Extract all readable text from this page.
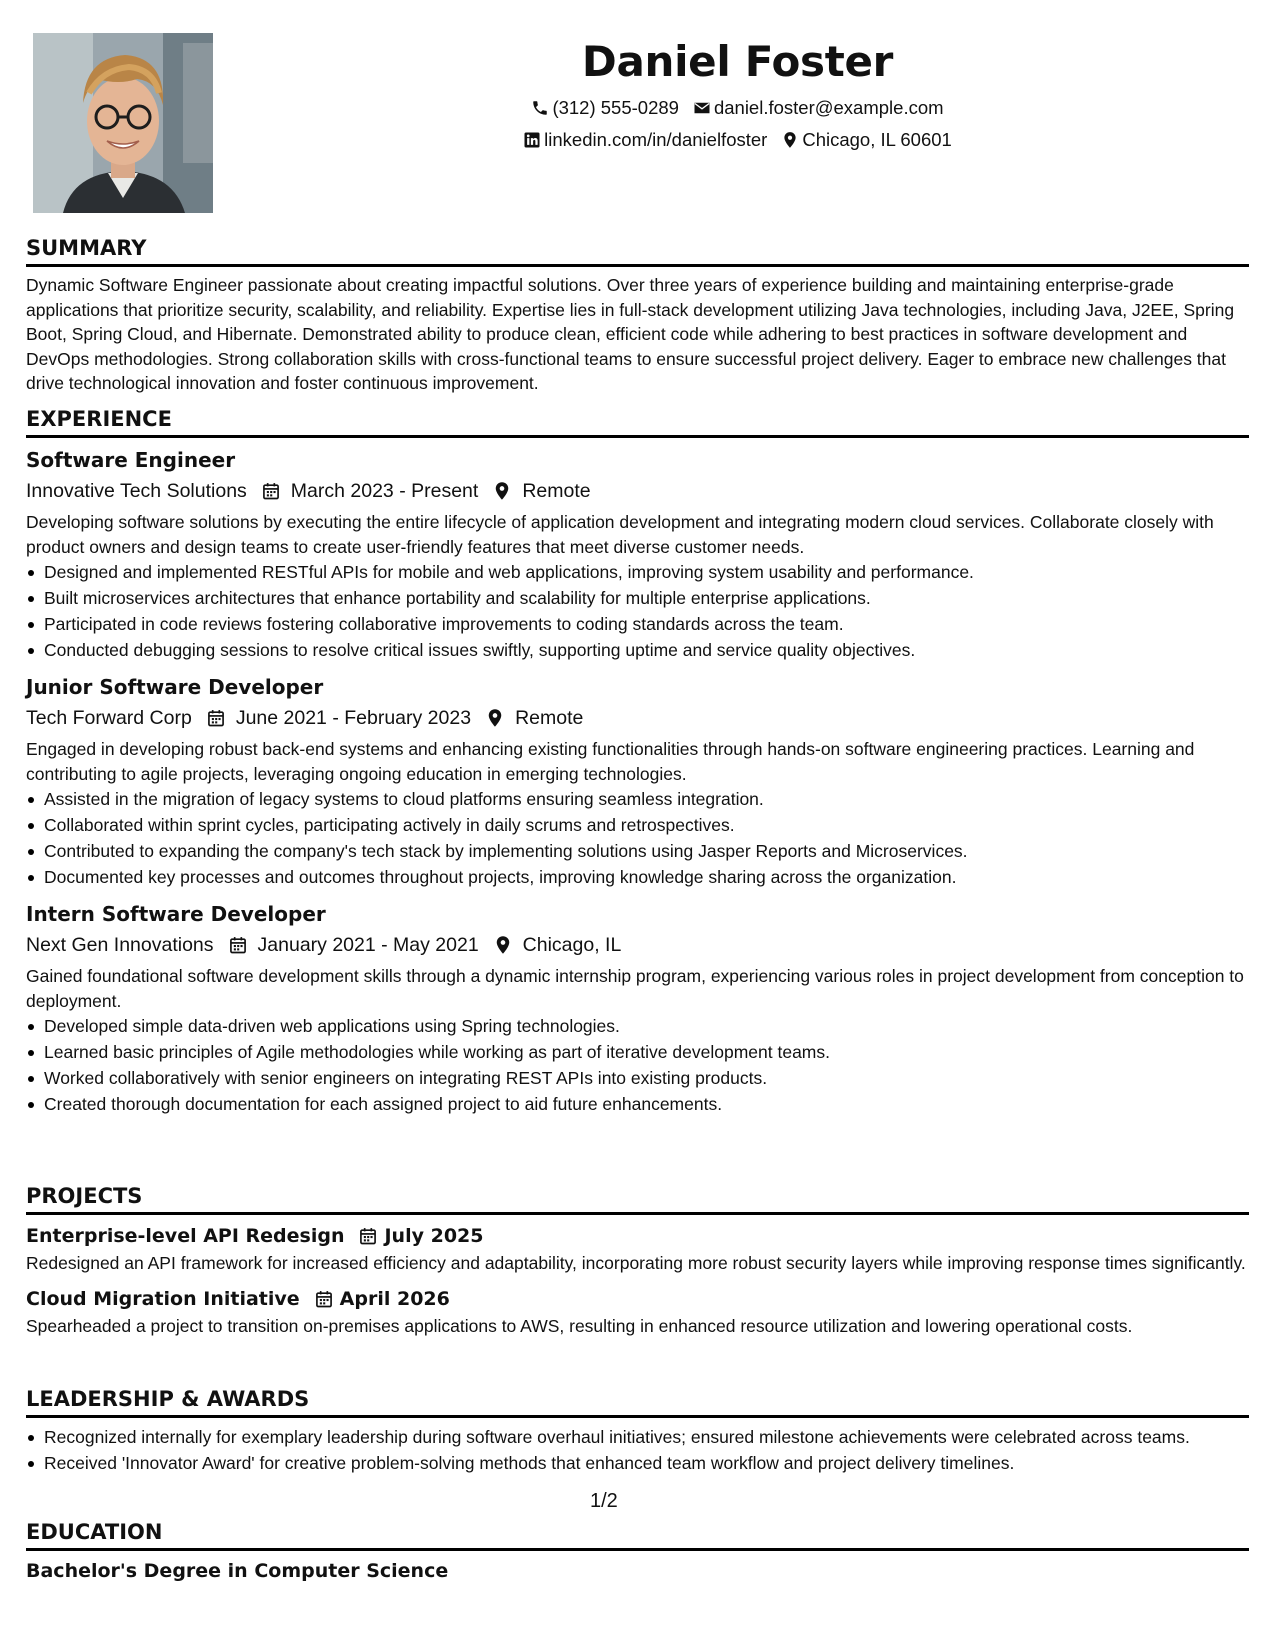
Daniel Foster
(312) 555-0289 daniel.foster@example.com
linkedin.com/in/danielfoster Chicago, IL 60601
SUMMARY
Dynamic Software Engineer passionate about creating impactful solutions. Over three years of experience building and maintaining enterprise-grade applications that prioritize security, scalability, and reliability. Expertise lies in full-stack development utilizing Java technologies, including Java, J2EE, Spring Boot, Spring Cloud, and Hibernate. Demonstrated ability to produce clean, efficient code while adhering to best practices in software development and DevOps methodologies. Strong collaboration skills with cross-functional teams to ensure successful project delivery. Eager to embrace new challenges that drive technological innovation and foster continuous improvement.
EXPERIENCE
Software Engineer
Innovative Tech Solutions March 2023 - Present Remote
Developing software solutions by executing the entire lifecycle of application development and integrating modern cloud services. Collaborate closely with product owners and design teams to create user-friendly features that meet diverse customer needs.
Designed and implemented RESTful APIs for mobile and web applications, improving system usability and performance.
Built microservices architectures that enhance portability and scalability for multiple enterprise applications.
Participated in code reviews fostering collaborative improvements to coding standards across the team.
Conducted debugging sessions to resolve critical issues swiftly, supporting uptime and service quality objectives.
Junior Software Developer
Tech Forward Corp June 2021 - February 2023 Remote
Engaged in developing robust back-end systems and enhancing existing functionalities through hands-on software engineering practices. Learning and contributing to agile projects, leveraging ongoing education in emerging technologies.
Assisted in the migration of legacy systems to cloud platforms ensuring seamless integration.
Collaborated within sprint cycles, participating actively in daily scrums and retrospectives.
Contributed to expanding the company's tech stack by implementing solutions using Jasper Reports and Microservices.
Documented key processes and outcomes throughout projects, improving knowledge sharing across the organization.
Intern Software Developer
Next Gen Innovations January 2021 - May 2021 Chicago, IL
Gained foundational software development skills through a dynamic internship program, experiencing various roles in project development from conception to deployment.
Developed simple data-driven web applications using Spring technologies.
Learned basic principles of Agile methodologies while working as part of iterative development teams.
Worked collaboratively with senior engineers on integrating REST APIs into existing products.
Created thorough documentation for each assigned project to aid future enhancements.
PROJECTS
Enterprise-level API Redesign July 2025
Redesigned an API framework for increased efficiency and adaptability, incorporating more robust security layers while improving response times significantly.
Cloud Migration Initiative April 2026
Spearheaded a project to transition on-premises applications to AWS, resulting in enhanced resource utilization and lowering operational costs.
LEADERSHIP & AWARDS
Recognized internally for exemplary leadership during software overhaul initiatives; ensured milestone achievements were celebrated across teams.
Received 'Innovator Award' for creative problem-solving methods that enhanced team workflow and project delivery timelines.
EDUCATION
Bachelor's Degree in Computer Science
1/2
